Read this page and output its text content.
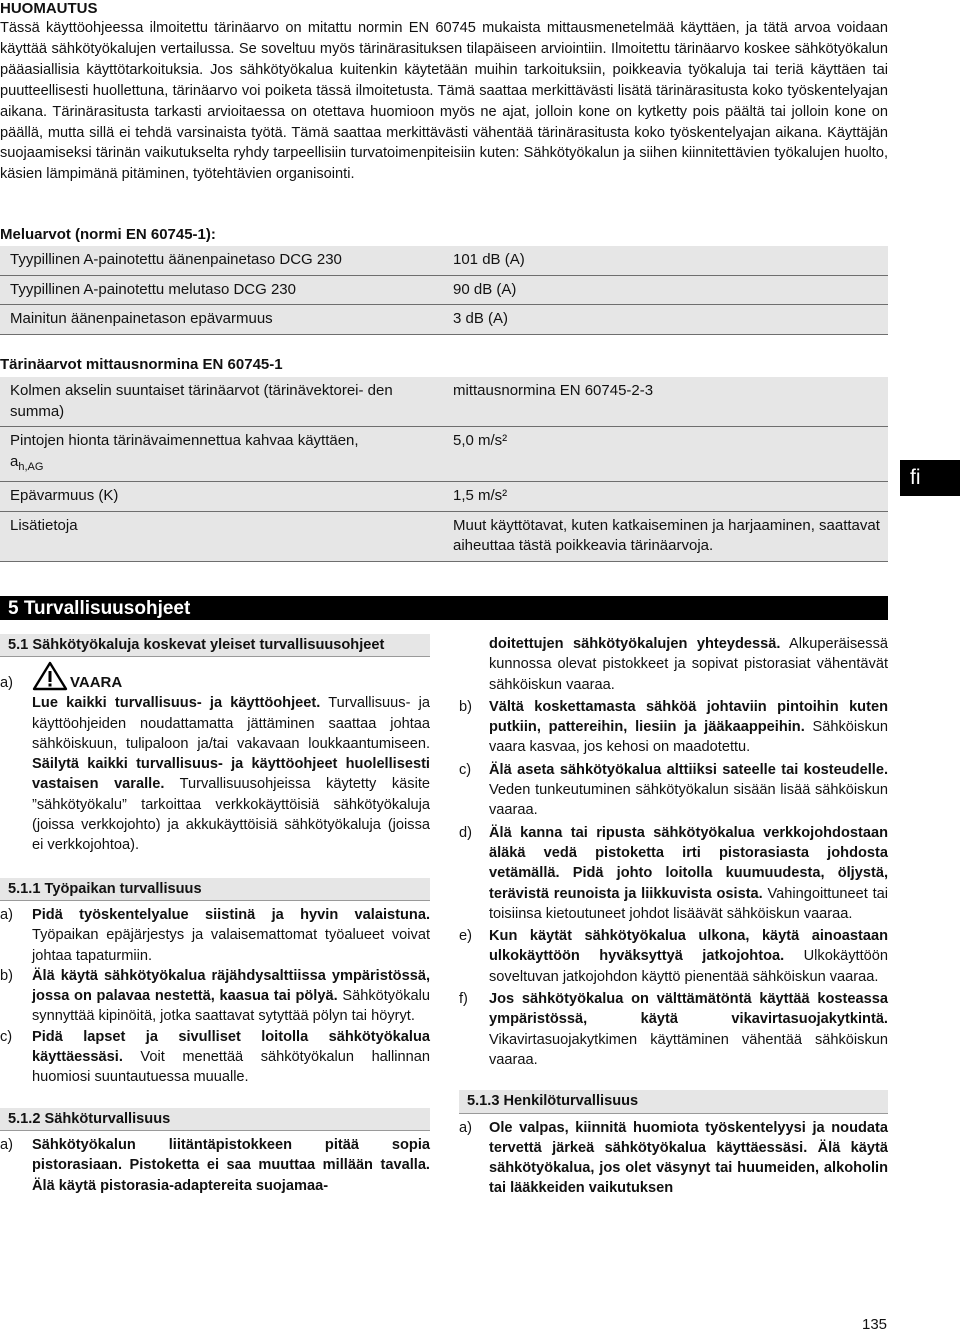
HUOMAUTUS

Tässä käyttöohjeessa ilmoitettu tärinäarvo on mitattu normin EN 60745 mukaista mittausmenetelmää käyttäen, ja tätä arvoa voidaan käyttää sähkötyökalujen vertailussa. Se soveltuu myös tärinärasituksen tilapäiseen arviointiin. Ilmoitettu tärinäarvo koskee sähkötyökalun pääasiallisia käyttötarkoituksia. Jos sähkötyökalua kuitenkin käytetään muihin tarkoituksiin, poikkeavia työkaluja tai teriä käyttäen tai puutteellisesti huollettuna, tärinäarvo voi poiketa tässä ilmoitetusta. Tämä saattaa merkittävästi lisätä tärinärasitusta koko työskentelyajan aikana. Tärinärasitusta tarkasti arvioitaessa on otettava huomioon myös ne ajat, jolloin kone on kytketty pois päältä tai jolloin kone on päällä, mutta sillä ei tehdä varsinaista työtä. Tämä saattaa merkittävästi vähentää tärinärasitusta koko työskentelyajan aikana. Käyttäjän suojaamiseksi tärinän vaikutukselta ryhdy tarpeellisiin turvatoimenpiteisiin kuten: Sähkötyökalun ja siihen kiinnitettävien työkalujen huolto, käsien lämpimänä pitäminen, työtehtävien organisointi.

Meluarvot (normi EN 60745-1):
Tyypillinen A-painotettu äänenpainetaso DCG 230	101 dB (A)
Tyypillinen A-painotettu melutaso DCG 230	90 dB (A)
Mainitun äänenpainetason epävarmuus	3 dB (A)
Tärinäarvot mittausnormina EN 60745-1
Kolmen akselin suuntaiset tärinäarvot (tärinävektorei- den summa)	mittausnormina EN 60745-2-3
Pintojen hionta tärinävaimennettua kahvaa käyttäen,
$a_{h,AG}$	5,0 m/s²
Epävarmuus (K)	1,5 m/s²
Lisätietoja	Muut käyttötavat, kuten katkaiseminen ja harjaaminen, saattavat aiheuttaa tästä poikkeavia tärinäarvoja.
fi
5 Turvallisuusohjeet
5.1 Sähkötyökaluja koskevat yleiset turvallisuusohjeet
a)	VAARA

Lue kaikki turvallisuus- ja käyttöohjeet. Turvallisuus- ja käyttöohjeiden noudattamatta jättäminen saattaa johtaa sähköiskuun, tulipaloon ja/tai vakavaan loukkaantumiseen. Säilytä kaikki turvallisuus- ja käyttöohjeet huolellisesti vastaisen varalle. Turvallisuusohjeissa käytetty käsite ”sähkötyökalu” tarkoittaa verkkokäyttöisiä sähkötyökaluja (joissa verkkojohto) ja akkukäyttöisiä sähkötyökaluja (joissa ei verkkojohtoa).

5.1.1 Työpaikan turvallisuus
a)	Pidä työskentelyalue siistinä ja hyvin valaistuna. Työpaikan epäjärjestys ja valaisemattomat työalueet voivat johtaa tapaturmiin.

b)	Älä käytä sähkötyökalua räjähdysalttiissa ympäristössä, jossa on palavaa nestettä, kaasua tai pölyä. Sähkötyökalu synnyttää kipinöitä, jotka saattavat sytyttää pölyn tai höyryt.

c)	Pidä lapset ja sivulliset loitolla sähkötyökalua käyttäessäsi. Voit menettää sähkötyökalun hallinnan huomiosi suuntautuessa muualle.

5.1.2 Sähköturvallisuus
a)	Sähkötyökalun liitäntäpistokkeen pitää sopia pistorasiaan. Pistoketta ei saa muuttaa millään tavalla. Älä käytä pistorasia-adaptereita suojamaa-

doitettujen sähkötyökalujen yhteydessä. Alkuperäisessä kunnossa olevat pistokkeet ja sopivat pistorasiat vähentävät sähköiskun vaaraa.

b)	Vältä koskettamasta sähköä johtaviin pintoihin kuten putkiin, pattereihin, liesiin ja jääkaappeihin. Sähköiskun vaara kasvaa, jos kehosi on maadotettu.

c)	Älä aseta sähkötyökalua alttiiksi sateelle tai kosteudelle. Veden tunkeutuminen sähkötyökalun sisään lisää sähköiskun vaaraa.

d)	Älä kanna tai ripusta sähkötyökalua verkkojohdostaan äläkä vedä pistoketta irti pistorasiasta johdosta vetämällä. Pidä johto loitolla kuumuudesta, öljystä, terävistä reunoista ja liikkuvista osista. Vahingoittuneet tai toisiinsa kietoutuneet johdot lisäävät sähköiskun vaaraa.

e)	Kun käytät sähkötyökalua ulkona, käytä ainoastaan ulkokäyttöön hyväksyttyä jatkojohtoa. Ulkokäyttöön soveltuvan jatkojohdon käyttö pienentää sähköiskun vaaraa.

f)	Jos sähkötyökalua on välttämätöntä käyttää kosteassa ympäristössä, käytä vikavirtasuojakytkintä. Vikavirtasuojakytkimen käyttäminen vähentää sähköiskun vaaraa.

5.1.3 Henkilöturvallisuus
a)	Ole valpas, kiinnitä huomiota työskentelyysi ja noudata tervettä järkeä sähkötyökalua käyttäessäsi. Älä käytä sähkötyökalua, jos olet väsynyt tai huumeiden, alkoholin tai lääkkeiden vaikutuksen

135
